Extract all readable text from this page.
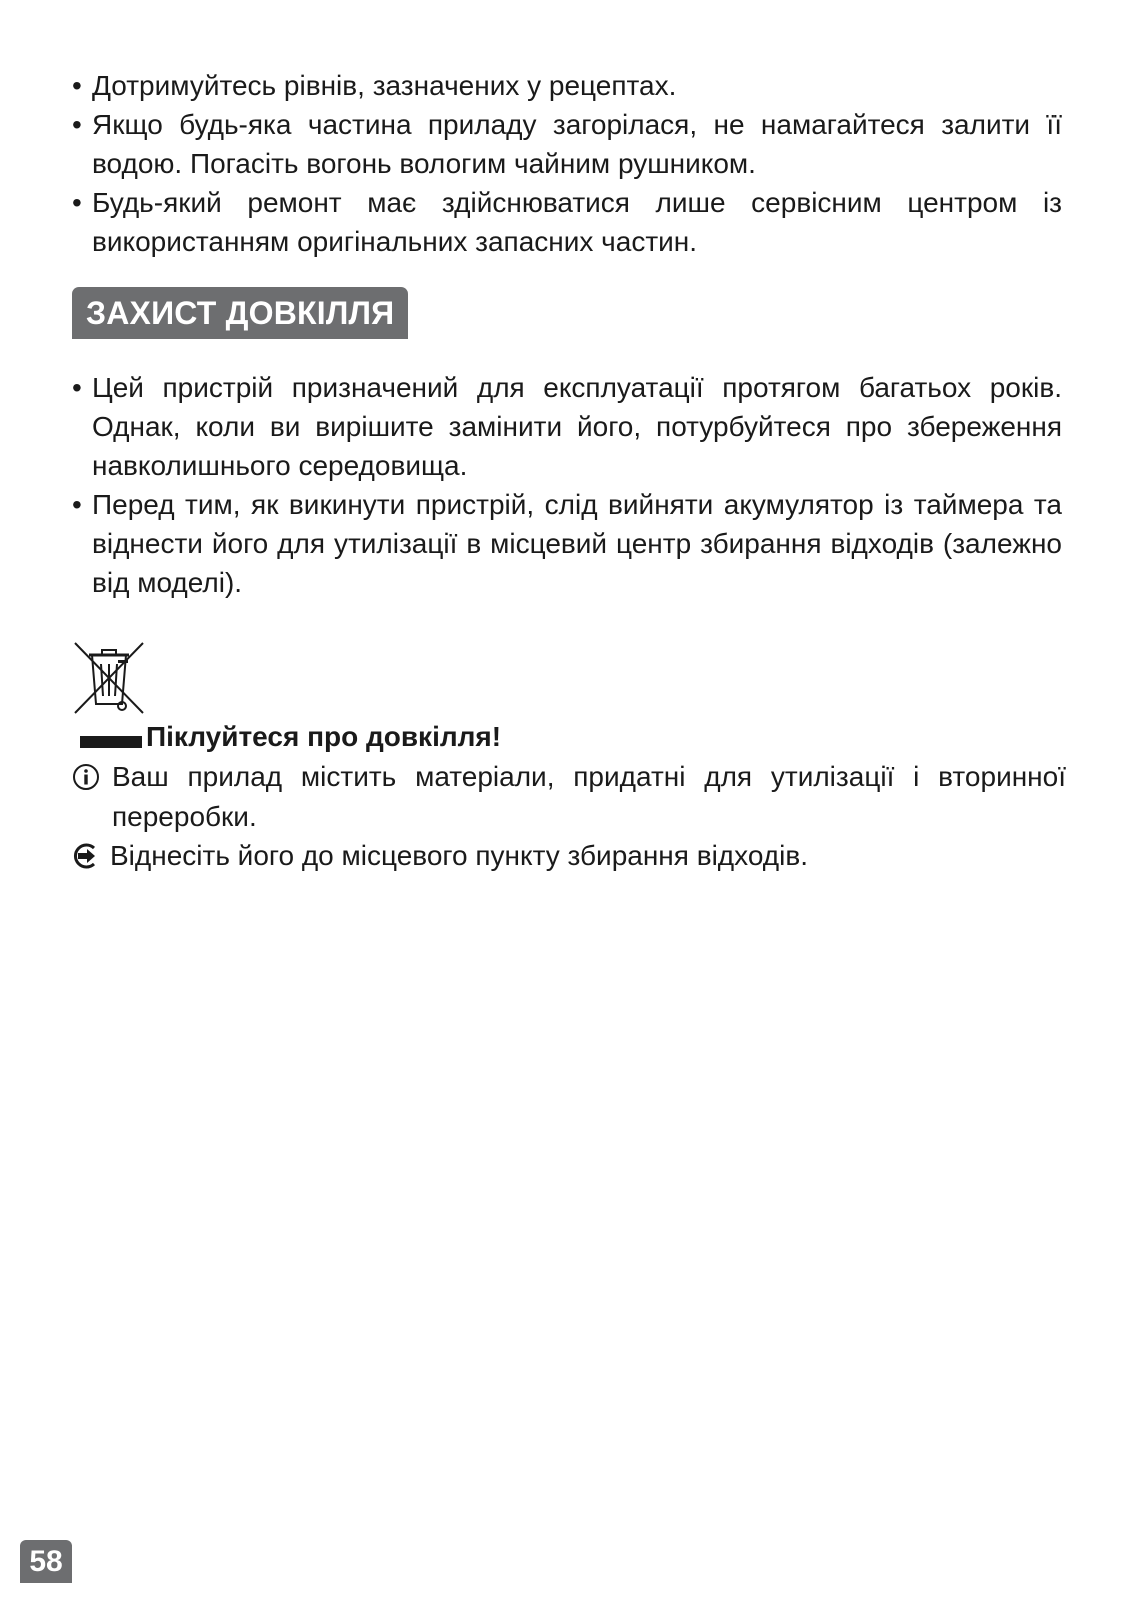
• Дотримуйтесь рівнів, зазначених у рецептах.
• Якщо будь-яка частина приладу загорілася, не намагайтеся залити її водою. Погасіть вогонь вологим чайним рушником.
• Будь-який ремонт має здійснюватися лише сервісним центром із використанням оригінальних запасних частин.
ЗАХИСТ ДОВКІЛЛЯ
• Цей пристрій призначений для експлуатації протягом багатьох років. Однак, коли ви вирішите замінити його, потурбуйтеся про збереження навколишнього середовища.
• Перед тим, як викинути пристрій, слід вийняти акумулятор із таймера та віднести його для утилізації в місцевий центр збирання відходів (залежно від моделі).
Піклуйтеся про довкілля!
Ваш прилад містить матеріали, придатні для утилізації і вторинної переробки.
Віднесіть його до місцевого пункту збирання відходів.
58
